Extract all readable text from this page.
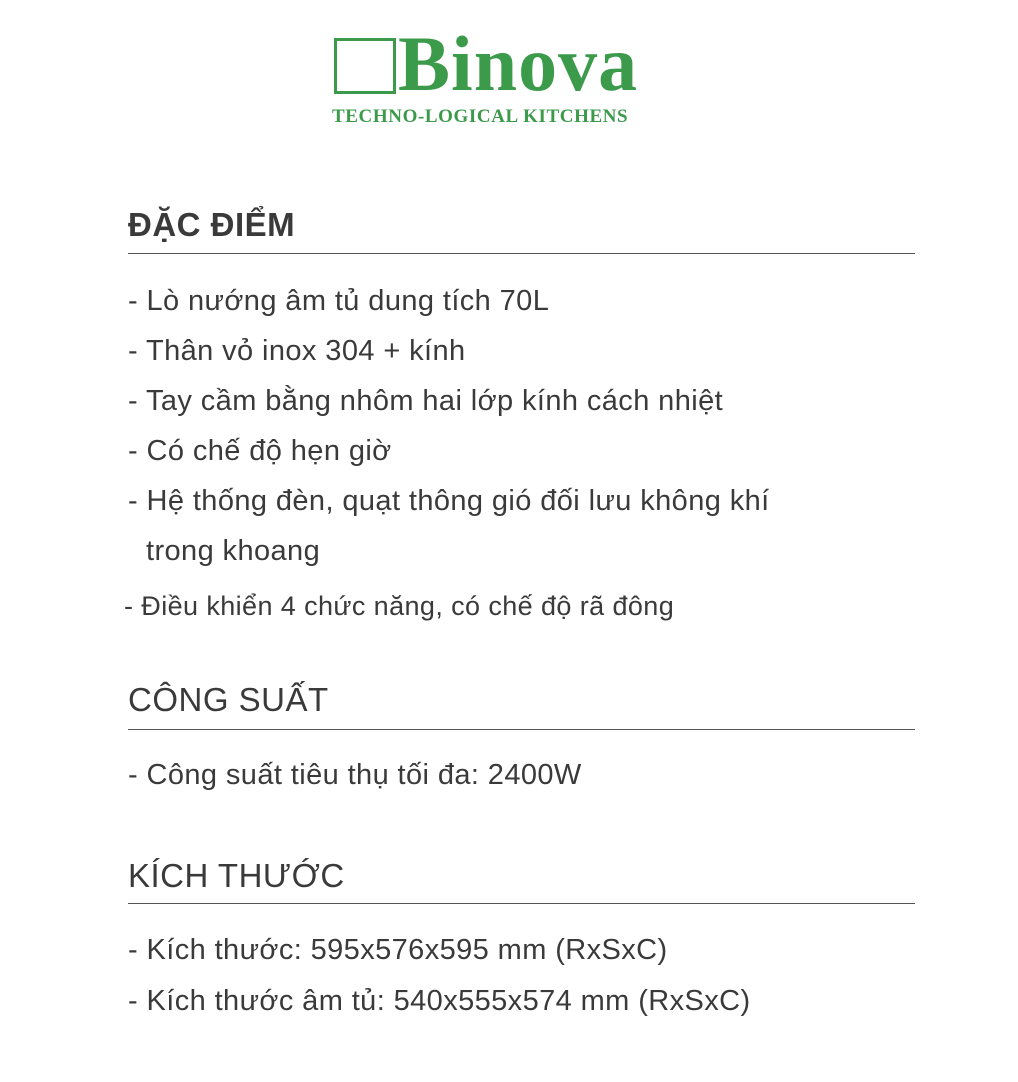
Binova
TECHNO-LOGICAL KITCHENS
ĐẶC ĐIỂM
- Lò nướng âm tủ dung tích 70L
- Thân vỏ inox 304 + kính
- Tay cầm bằng nhôm hai lớp kính cách nhiệt
- Có chế độ hẹn giờ
- Hệ thống đèn, quạt thông gió đối lưu không khí
trong khoang
- Điều khiển 4 chức năng, có chế độ rã đông
CÔNG SUẤT
- Công suất tiêu thụ tối đa: 2400W
KÍCH THƯỚC
- Kích thước: 595x576x595 mm (RxSxC)
- Kích thước âm tủ: 540x555x574 mm (RxSxC)
